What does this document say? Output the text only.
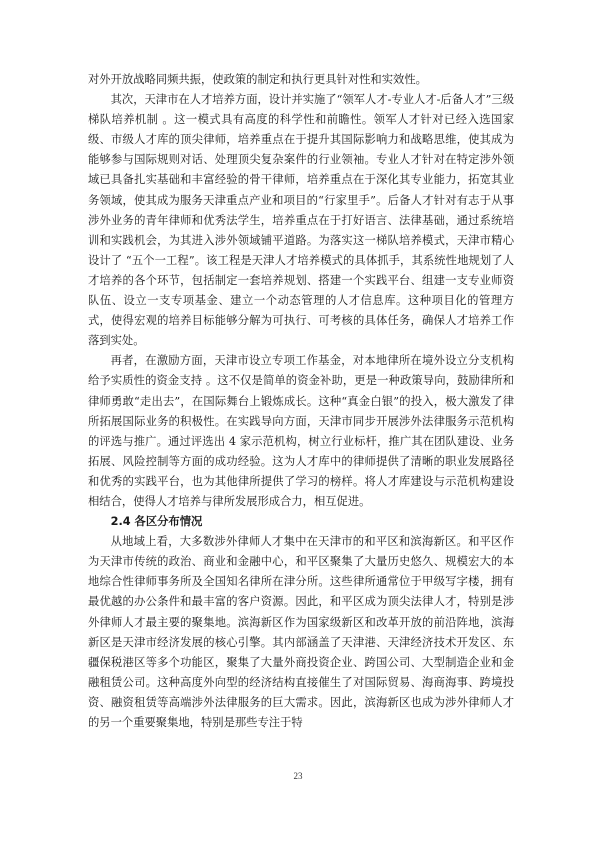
对外开放战略同频共振，使政策的制定和执行更具针对性和实效性。

其次，天津市在人才培养方面，设计并实施了“领军人才-专业人才-后备人才”三级梯队培养机制 。这一模式具有高度的科学性和前瞻性。领军人才针对已经入选国家级、市级人才库的顶尖律师，培养重点在于提升其国际影响力和战略思维，使其成为能够参与国际规则对话、处理顶尖复杂案件的行业领袖。专业人才针对在特定涉外领域已具备扎实基础和丰富经验的骨干律师，培养重点在于深化其专业能力，拓宽其业务领域，使其成为服务天津重点产业和项目的“行家里手”。后备人才针对有志于从事涉外业务的青年律师和优秀法学生，培养重点在于打好语言、法律基础，通过系统培训和实践机会，为其进入涉外领域铺平道路。为落实这一梯队培养模式，天津市精心设计了 “五个一工程”。该工程是天津人才培养模式的具体抓手，其系统性地规划了人才培养的各个环节，包括制定一套培养规划、搭建一个实践平台、组建一支专业师资队伍、设立一支专项基金、建立一个动态管理的人才信息库。这种项目化的管理方式，使得宏观的培养目标能够分解为可执行、可考核的具体任务，确保人才培养工作落到实处。

再者，在激励方面，天津市设立专项工作基金，对本地律所在境外设立分支机构给予实质性的资金支持 。这不仅是简单的资金补助，更是一种政策导向，鼓励律所和律师勇敢“走出去”，在国际舞台上锻炼成长。这种“真金白银”的投入，极大激发了律所拓展国际业务的积极性。在实践导向方面，天津市同步开展涉外法律服务示范机构的评选与推广。通过评选出 4 家示范机构，树立行业标杆，推广其在团队建设、业务拓展、风险控制等方面的成功经验。这为人才库中的律师提供了清晰的职业发展路径和优秀的实践平台，也为其他律所提供了学习的榜样。将人才库建设与示范机构建设相结合，使得人才培养与律所发展形成合力，相互促进。

2.4 各区分布情况

从地域上看，大多数涉外律师人才集中在天津市的和平区和滨海新区。和平区作为天津市传统的政治、商业和金融中心，和平区聚集了大量历史悠久、规模宏大的本地综合性律师事务所及全国知名律所在津分所。这些律所通常位于甲级写字楼，拥有最优越的办公条件和最丰富的客户资源。因此，和平区成为顶尖法律人才，特别是涉外律师人才最主要的聚集地。滨海新区作为国家级新区和改革开放的前沿阵地，滨海新区是天津市经济发展的核心引擎。其内部涵盖了天津港、天津经济技术开发区、东疆保税港区等多个功能区，聚集了大量外商投资企业、跨国公司、大型制造企业和金融租赁公司。这种高度外向型的经济结构直接催生了对国际贸易、海商海事、跨境投资、融资租赁等高端涉外法律服务的巨大需求。因此，滨海新区也成为涉外律师人才的另一个重要聚集地，特别是那些专注于特

23
